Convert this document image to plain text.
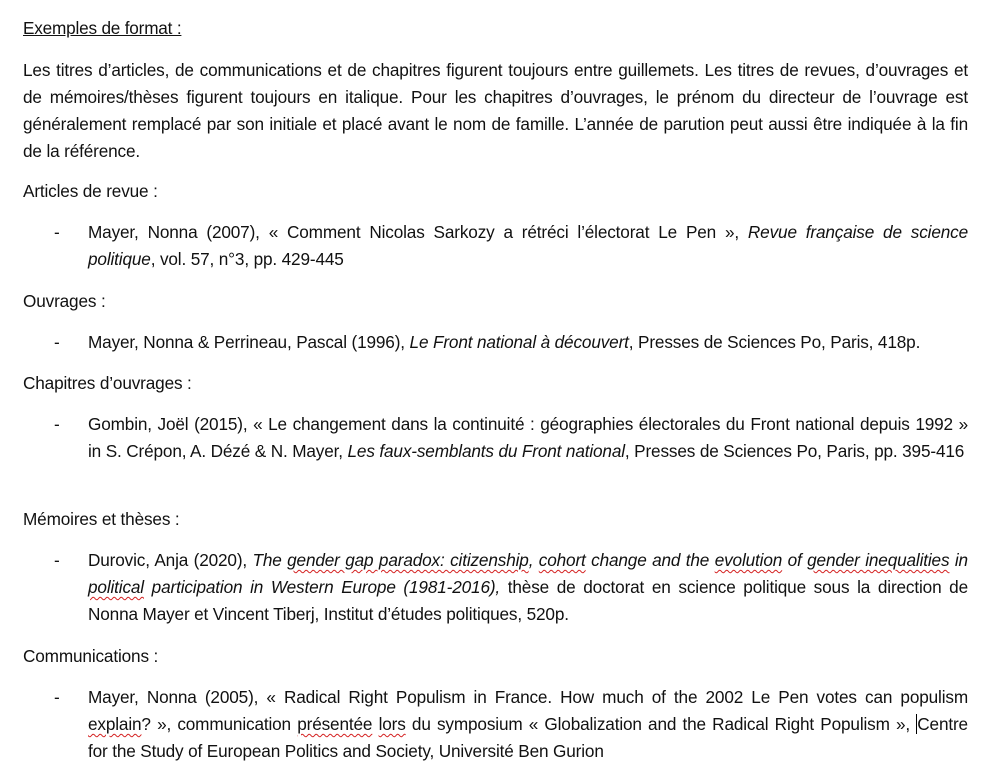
Exemples de format :

Les titres d’articles, de communications et de chapitres figurent toujours entre guillemets. Les titres de revues, d’ouvrages et de mémoires/thèses figurent toujours en italique. Pour les chapitres d’ouvrages, le prénom du directeur de l’ouvrage est généralement remplacé par son initiale et placé avant le nom de famille. L’année de parution peut aussi être indiquée à la fin de la référence.

Articles de revue :

- Mayer, Nonna (2007), « Comment Nicolas Sarkozy a rétréci l’électorat Le Pen », Revue française de science politique, vol. 57, n°3, pp. 429-445

Ouvrages :

- Mayer, Nonna & Perrineau, Pascal (1996), Le Front national à découvert, Presses de Sciences Po, Paris, 418p.

Chapitres d’ouvrages :

- Gombin, Joël (2015), « Le changement dans la continuité : géographies électorales du Front national depuis 1992 » in S. Crépon, A. Dézé & N. Mayer, Les faux-semblants du Front national, Presses de Sciences Po, Paris, pp. 395-416

Mémoires et thèses :

- Durovic, Anja (2020), The gender gap paradox: citizenship, cohort change and the evolution of gender inequalities in political participation in Western Europe (1981-2016), thèse de doctorat en science politique sous la direction de Nonna Mayer et Vincent Tiberj, Institut d’études politiques, 520p.

Communications :

- Mayer, Nonna (2005), « Radical Right Populism in France. How much of the 2002 Le Pen votes can populism explain? », communication présentée lors du symposium « Globalization and the Radical Right Populism », Centre for the Study of European Politics and Society, Université Ben Gurion
